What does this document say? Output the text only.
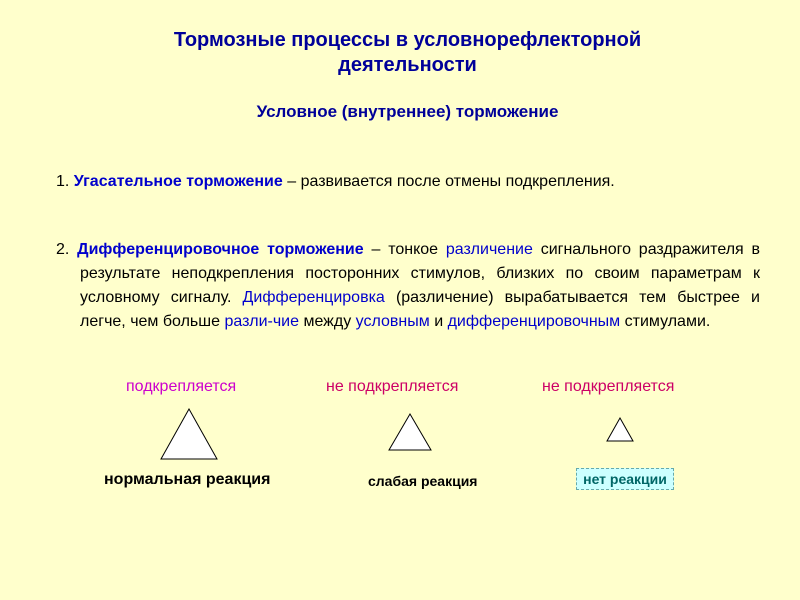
Тормозные процессы в условнорефлекторной деятельности
Условное (внутреннее) торможение
1. Угасательное торможение – развивается после отмены подкрепления.
2. Дифференцировочное торможение – тонкое различение сигнального раздражителя в результате неподкрепления посторонних стимулов, близких по своим параметрам к условному сигналу. Дифференцировка (различение) вырабатывается тем быстрее и легче, чем больше разли-чие между условным и дифференцировочным стимулами.
подкрепляется	не подкрепляется	не подкрепляется
нормальная реакция	слабая реакция	нет реакции
